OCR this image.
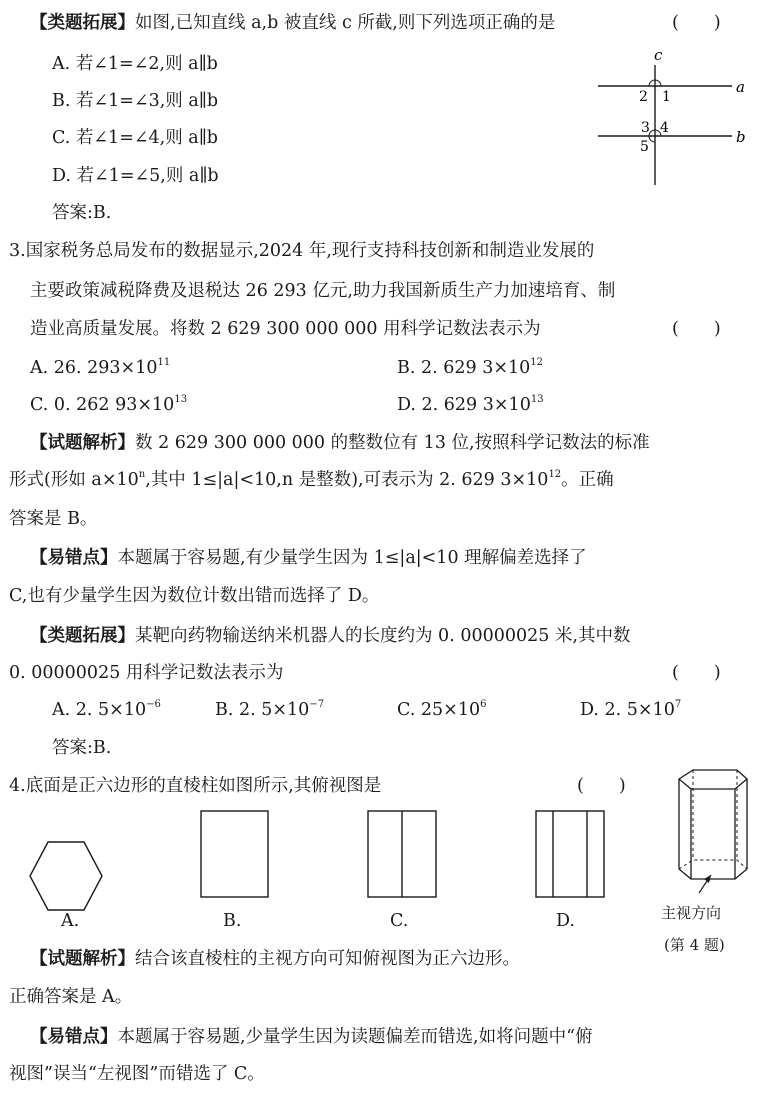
【类题拓展】如图,已知直线 a,b 被直线 c 所截,则下列选项正确的是	(　　)
A. 若∠1=∠2,则 a∥b
B. 若∠1=∠3,则 a∥b
C. 若∠1=∠4,则 a∥b
D. 若∠1=∠5,则 a∥b
答案:B.
c
a
b
1
2
3 4
5
3.国家税务总局发布的数据显示,2024 年,现行支持科技创新和制造业发展的
主要政策减税降费及退税达 26 293 亿元,助力我国新质生产力加速培育、制
造业高质量发展。将数 2 629 300 000 000 用科学记数法表示为	(　　)
A. 26. $293\times 10^{11}$	B. 2. 629 $3\times 10^{12}$
C. 0. 262 $93\times 10^{13}$	D. 2. 629 $3\times 10^{13}$
【试题解析】数 2 629 300 000 000 的整数位有 13 位,按照科学记数法的标准
形式(形如 $a\times 10^n$,其中 1≤|a|<10,n 是整数),可表示为 2. 629 $3\times 10^{12}$。正确
答案是 B。
【易错点】本题属于容易题,有少量学生因为 1≤|a|<10 理解偏差选择了
C,也有少量学生因为数位计数出错而选择了 D。
【类题拓展】某靶向药物输送纳米机器人的长度约为 0. 00000025 米,其中数
0. 00000025 用科学记数法表示为	(　　)
A. 2. $5\times 10^{-6}$	B. 2. $5\times 10^{-7}$	C. $25\times 10^6$	D. 2. $5\times 10^7$
答案:B.
4.底面是正六边形的直棱柱如图所示,其俯视图是	(　　)
A.	B.	C.	D.	主视方向
(第 4 题)
【试题解析】结合该直棱柱的主视方向可知俯视图为正六边形。
正确答案是 A。
【易错点】本题属于容易题,少量学生因为读题偏差而错选,如将问题中“俯
视图”误当“左视图”而错选了 C。
